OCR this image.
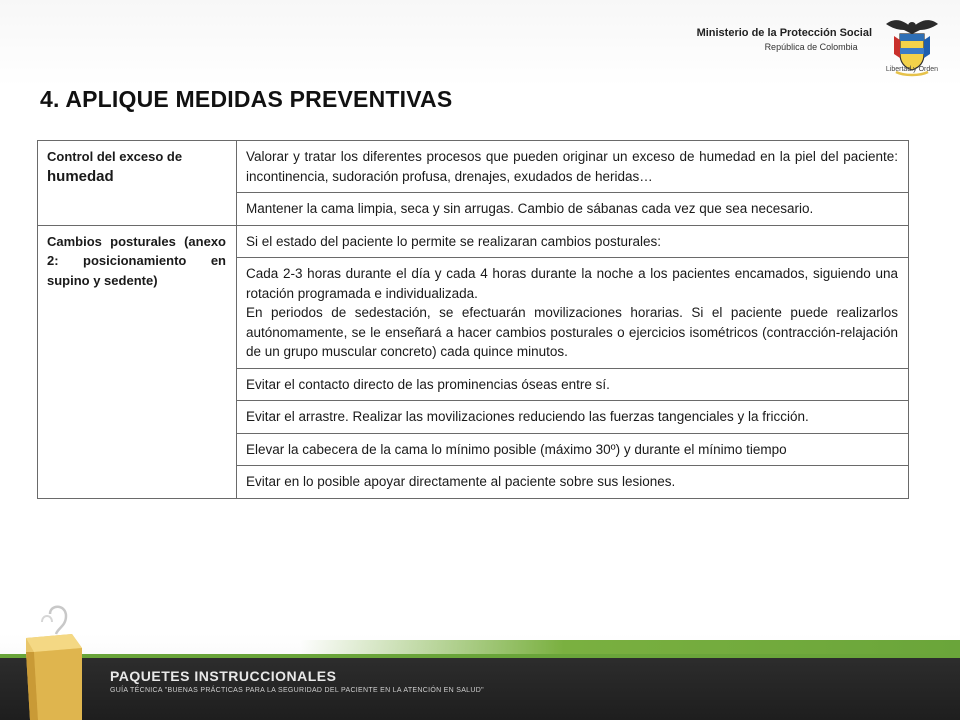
Ministerio de la Protección Social
República de Colombia
Libertad y Orden
4. APLIQUE MEDIDAS PREVENTIVAS
Control del exceso de
humedad	Valorar y tratar los diferentes procesos que pueden originar un exceso de humedad en la piel del paciente: incontinencia, sudoración profusa, drenajes, exudados de heridas…

	Mantener la cama limpia, seca y sin arrugas. Cambio de sábanas cada vez que sea necesario.

Cambios posturales (anexo 2: posicionamiento en supino y sedente)	Si el estado del paciente lo permite se realizaran cambios posturales:

	Cada 2-3 horas durante el día y cada 4 horas durante la noche a los pacientes encamados, siguiendo una rotación programada e individualizada.
En periodos de sedestación, se efectuarán movilizaciones horarias. Si el paciente puede realizarlos autónomamente, se le enseñará a hacer cambios posturales o ejercicios isométricos (contracción-relajación de un grupo muscular concreto) cada quince minutos.

	Evitar el contacto directo de las prominencias óseas entre sí.

	Evitar el arrastre. Realizar las movilizaciones reduciendo las fuerzas tangenciales y la fricción.

	Elevar la cabecera de la cama lo mínimo posible (máximo 30º) y durante el mínimo tiempo

	Evitar en lo posible apoyar directamente al paciente sobre sus lesiones.
PAQUETES INSTRUCCIONALES
GUÍA TÉCNICA "BUENAS PRÁCTICAS PARA LA SEGURIDAD DEL PACIENTE EN LA ATENCIÓN EN SALUD"
